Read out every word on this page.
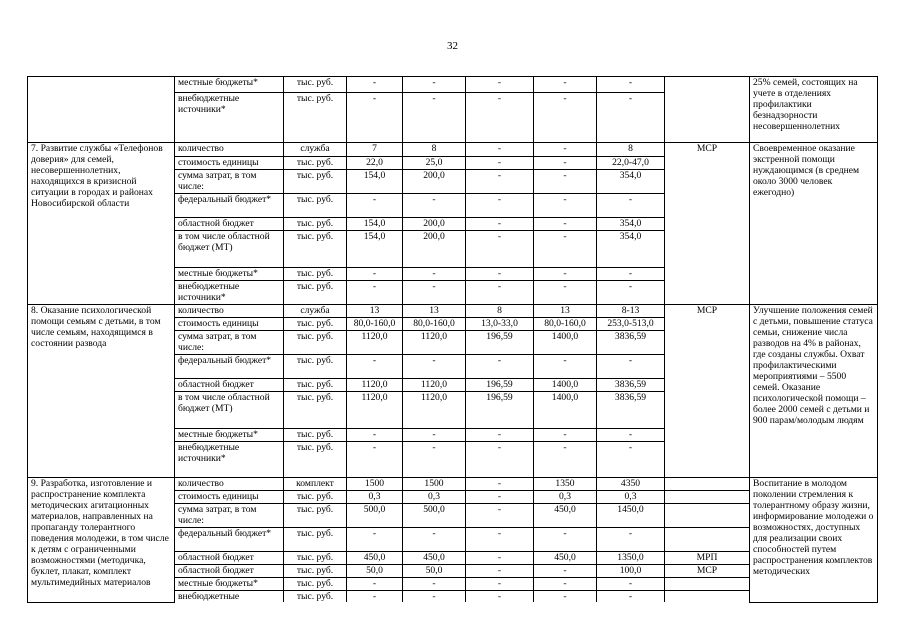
32
	местные бюджеты*	тыс. руб.	-	-	-	-	-		25% семей, состоящих на учете в отделениях профилактики безнадзорности несовершеннолетних
	внебюджетные источники*	тыс. руб.	-	-	-	-	-		
7. Развитие службы «Телефонов доверия» для семей, несовершеннолетних, находящихся в кризисной ситуации в городах и районах Новосибирской области	количество	служба	7	8	-	-	8	МСР	Своевременное оказание экстренной помощи нуждающимся (в среднем около 3000 человек ежегодно)
	стоимость единицы	тыс. руб.	22,0	25,0	-	-	22,0-47,0		
	сумма затрат, в том числе:	тыс. руб.	154,0	200,0	-	-	354,0		
	федеральный бюджет*	тыс. руб.	-	-	-	-	-		
	областной бюджет	тыс. руб.	154,0	200,0	-	-	354,0		
	в том числе областной бюджет (МТ)	тыс. руб.	154,0	200,0	-	-	354,0		
	местные бюджеты*	тыс. руб.	-	-	-	-	-		
	внебюджетные источники*	тыс. руб.	-	-	-	-	-		
8. Оказание психологической помощи семьям с детьми, в том числе семьям, находящимся в состоянии развода	количество	служба	13	13	8	13	8-13	МСР	Улучшение положения семей с детьми, повышение статуса семьи, снижение числа разводов на 4% в районах, где созданы службы. Охват профилактическими мероприятиями – 5500 семей. Оказание психологической помощи – более 2000 семей с детьми и 900 парам/молодым людям
	стоимость единицы	тыс. руб.	80,0-160,0	80,0-160,0	13,0-33,0	80,0-160,0	253,0-513,0		
	сумма затрат, в том числе:	тыс. руб.	1120,0	1120,0	196,59	1400,0	3836,59		
	федеральный бюджет*	тыс. руб.	-	-	-	-	-		
	областной бюджет	тыс. руб.	1120,0	1120,0	196,59	1400,0	3836,59		
	в том числе областной бюджет (МТ)	тыс. руб.	1120,0	1120,0	196,59	1400,0	3836,59		
	местные бюджеты*	тыс. руб.	-	-	-	-	-		
	внебюджетные источники*	тыс. руб.	-	-	-	-	-		
9. Разработка, изготовление и распространение комплекта методических агитационных материалов, направленных на пропаганду толерантного поведения молодежи, в том числе к детям с ограниченными возможностями (методичка, буклет, плакат, комплект мультимедийных материалов	количество	комплект	1500	1500	-	1350	4350		Воспитание в молодом поколении стремления к толерантному образу жизни, информирование молодежи о возможностях, доступных для реализации своих способностей путем распространения комплектов методических
	стоимость единицы	тыс. руб.	0,3	0,3	-	0,3	0,3		
	сумма затрат, в том числе:	тыс. руб.	500,0	500,0	-	450,0	1450,0		
	федеральный бюджет*	тыс. руб.	-	-	-	-	-		
	областной бюджет	тыс. руб.	450,0	450,0	-	450,0	1350,0	МРП	
	областной бюджет	тыс. руб.	50,0	50,0	-	-	100,0	МСР	
	местные бюджеты*	тыс. руб.	-	-	-	-	-		
	внебюджетные	тыс. руб.	-	-	-	-	-		
